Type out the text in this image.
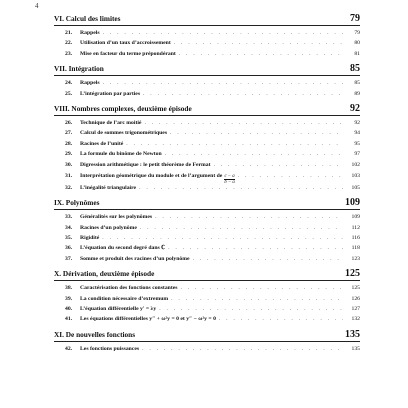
4
VI. Calcul des limites	79
21.	Rappels . . .	79
22.	Utilisation d’un taux d’accroissement . . .	80
23.	Mise en facteur du terme prépondérant . . .	81
VII. Intégration	85
24.	Rappels . . .	85
25.	L’intégration par parties . . .	89
VIII. Nombres complexes, deuxième épisode	92
26.	Technique de l’arc moitié . . .	92
27.	Calcul de sommes trigonométriques . . .	94
28.	Racines de l’unité . . .	95
29.	La formule du binôme de Newton . . .	97
30.	Digression arithmétique : le petit théorème de Fermat . . .	102
31.	Interprétation géométrique du module et de l’argument de $\frac{c - a}{b - a}$ . . .	103
32.	L’inégalité triangulaire . . .	105
IX. Polynômes	109
33.	Généralités sur les polynômes . . .	109
34.	Racines d’un polynôme . . .	112
35.	Rigidité . . .	116
36.	L’équation du second degré dans ℂ . . .	118
37.	Somme et produit des racines d’un polynôme . . .	123
X. Dérivation, deuxième épisode	125
38.	Caractérisation des fonctions constantes . . .	125
39.	La condition nécessaire d’extremum . . .	126
40.	L’équation différentielle y′ = λy . . .	127
41.	Les équations différentielles y″ + ω²y = 0 et y″ − ω²y = 0 . . .	132
XI. De nouvelles fonctions	135
42.	Les fonctions puissances . . .	135
